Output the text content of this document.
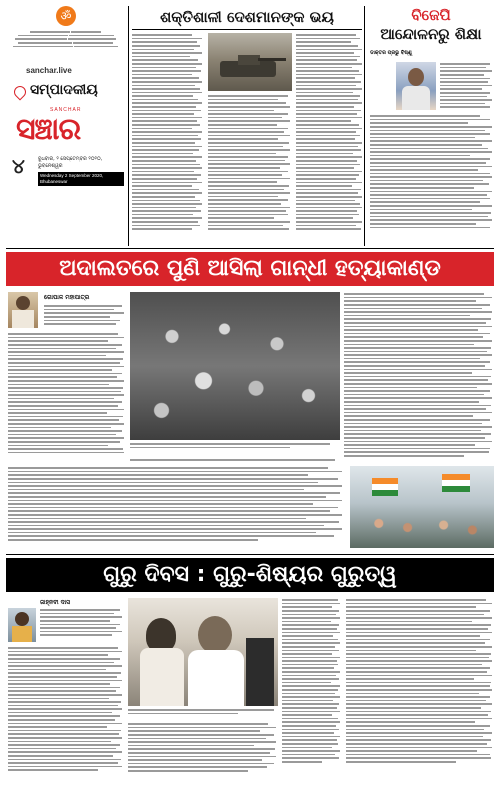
ॐ
sanchar.live
ସମ୍ପାଦକୀୟ
SANCHAR
ସଞ୍ଚାର
୪	ବୁଧବାର, ୨ ସେପ୍ଟେମ୍ବର ୨୦୨୦, ଭୁବନେଶ୍ୱର
Wednesday 2 September 2020, Bhubaneswar
ଶକ୍ତିଶାଳୀ ଦେଶମାନଙ୍କ ଭୟ	ବିଜେପି
ଆନ୍ଦୋଳନରୁ ଶିକ୍ଷା
ଡାକ୍ତର ପ୍ରଭୁ ବିଷ୍ଣୁ
ଅଦାଲତରେ ପୁଣି ଆସିଲା ଗାନ୍ଧୀ ହତ୍ୟାକାଣ୍ଡ
ଗୋପାଳ ମହାପାତ୍ର
ଗୁରୁ ଦିବସ : ଗୁରୁ-ଶିଷ୍ୟର ଗୁରୁତ୍ୱ
ଜାହ୍ନବୀ ଦାସ
